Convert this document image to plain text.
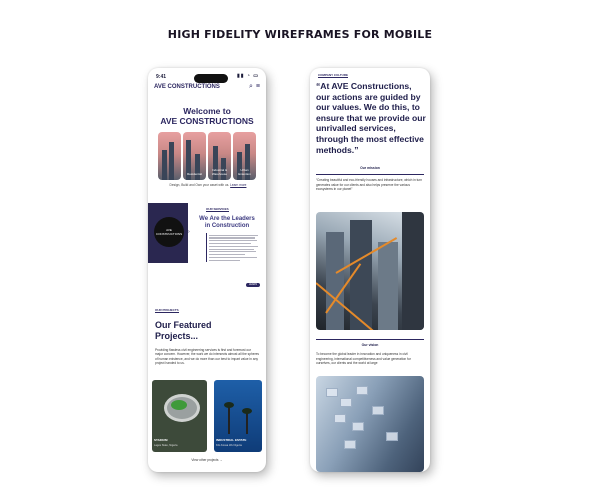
HIGH FIDELITY WIREFRAMES FOR MOBILE
9:41	▮▮ ◔ ▭
AVE CONSTRUCTIONS	⌕ ≡
Welcome to
AVE CONSTRUCTIONS
Residential
Industrial & Warehouse
Urban Extention
Design, Build and Own your asset with us. Learn more
AVE CONSTRUCTIONS
‹	›
OUR SERVICES
We Are the Leaders in Construction
LEARN MORE
OUR PROJECTS
Our Featured Projects...
Providing flawless civil engineering services is first and foremost our major concern. However, the work we do intersects almost all the spheres of human existence, and we do more than our best to impart value in any project handed to us.
STADIUM
Lagos State, Nigeria
INDUSTRIAL ESTATE
Kilo Kossa Wu Nigeria
View other projects →
COMPANY CULTURE
“At AVE Constructions, our actions are guided by our values. We do this, to ensure that we provide our unrivalled services, through the most effective methods.”
Our mission
“Creating beautiful and eco-friendly houses and infrastructure, which in turn generates value for our clients and also helps preserve the various ecosystems in our planet”
Our vision
To become the global leader in innovation and uniqueness in civil engineering, international competitiveness and value generation for ourselves, our clients and the world at large
